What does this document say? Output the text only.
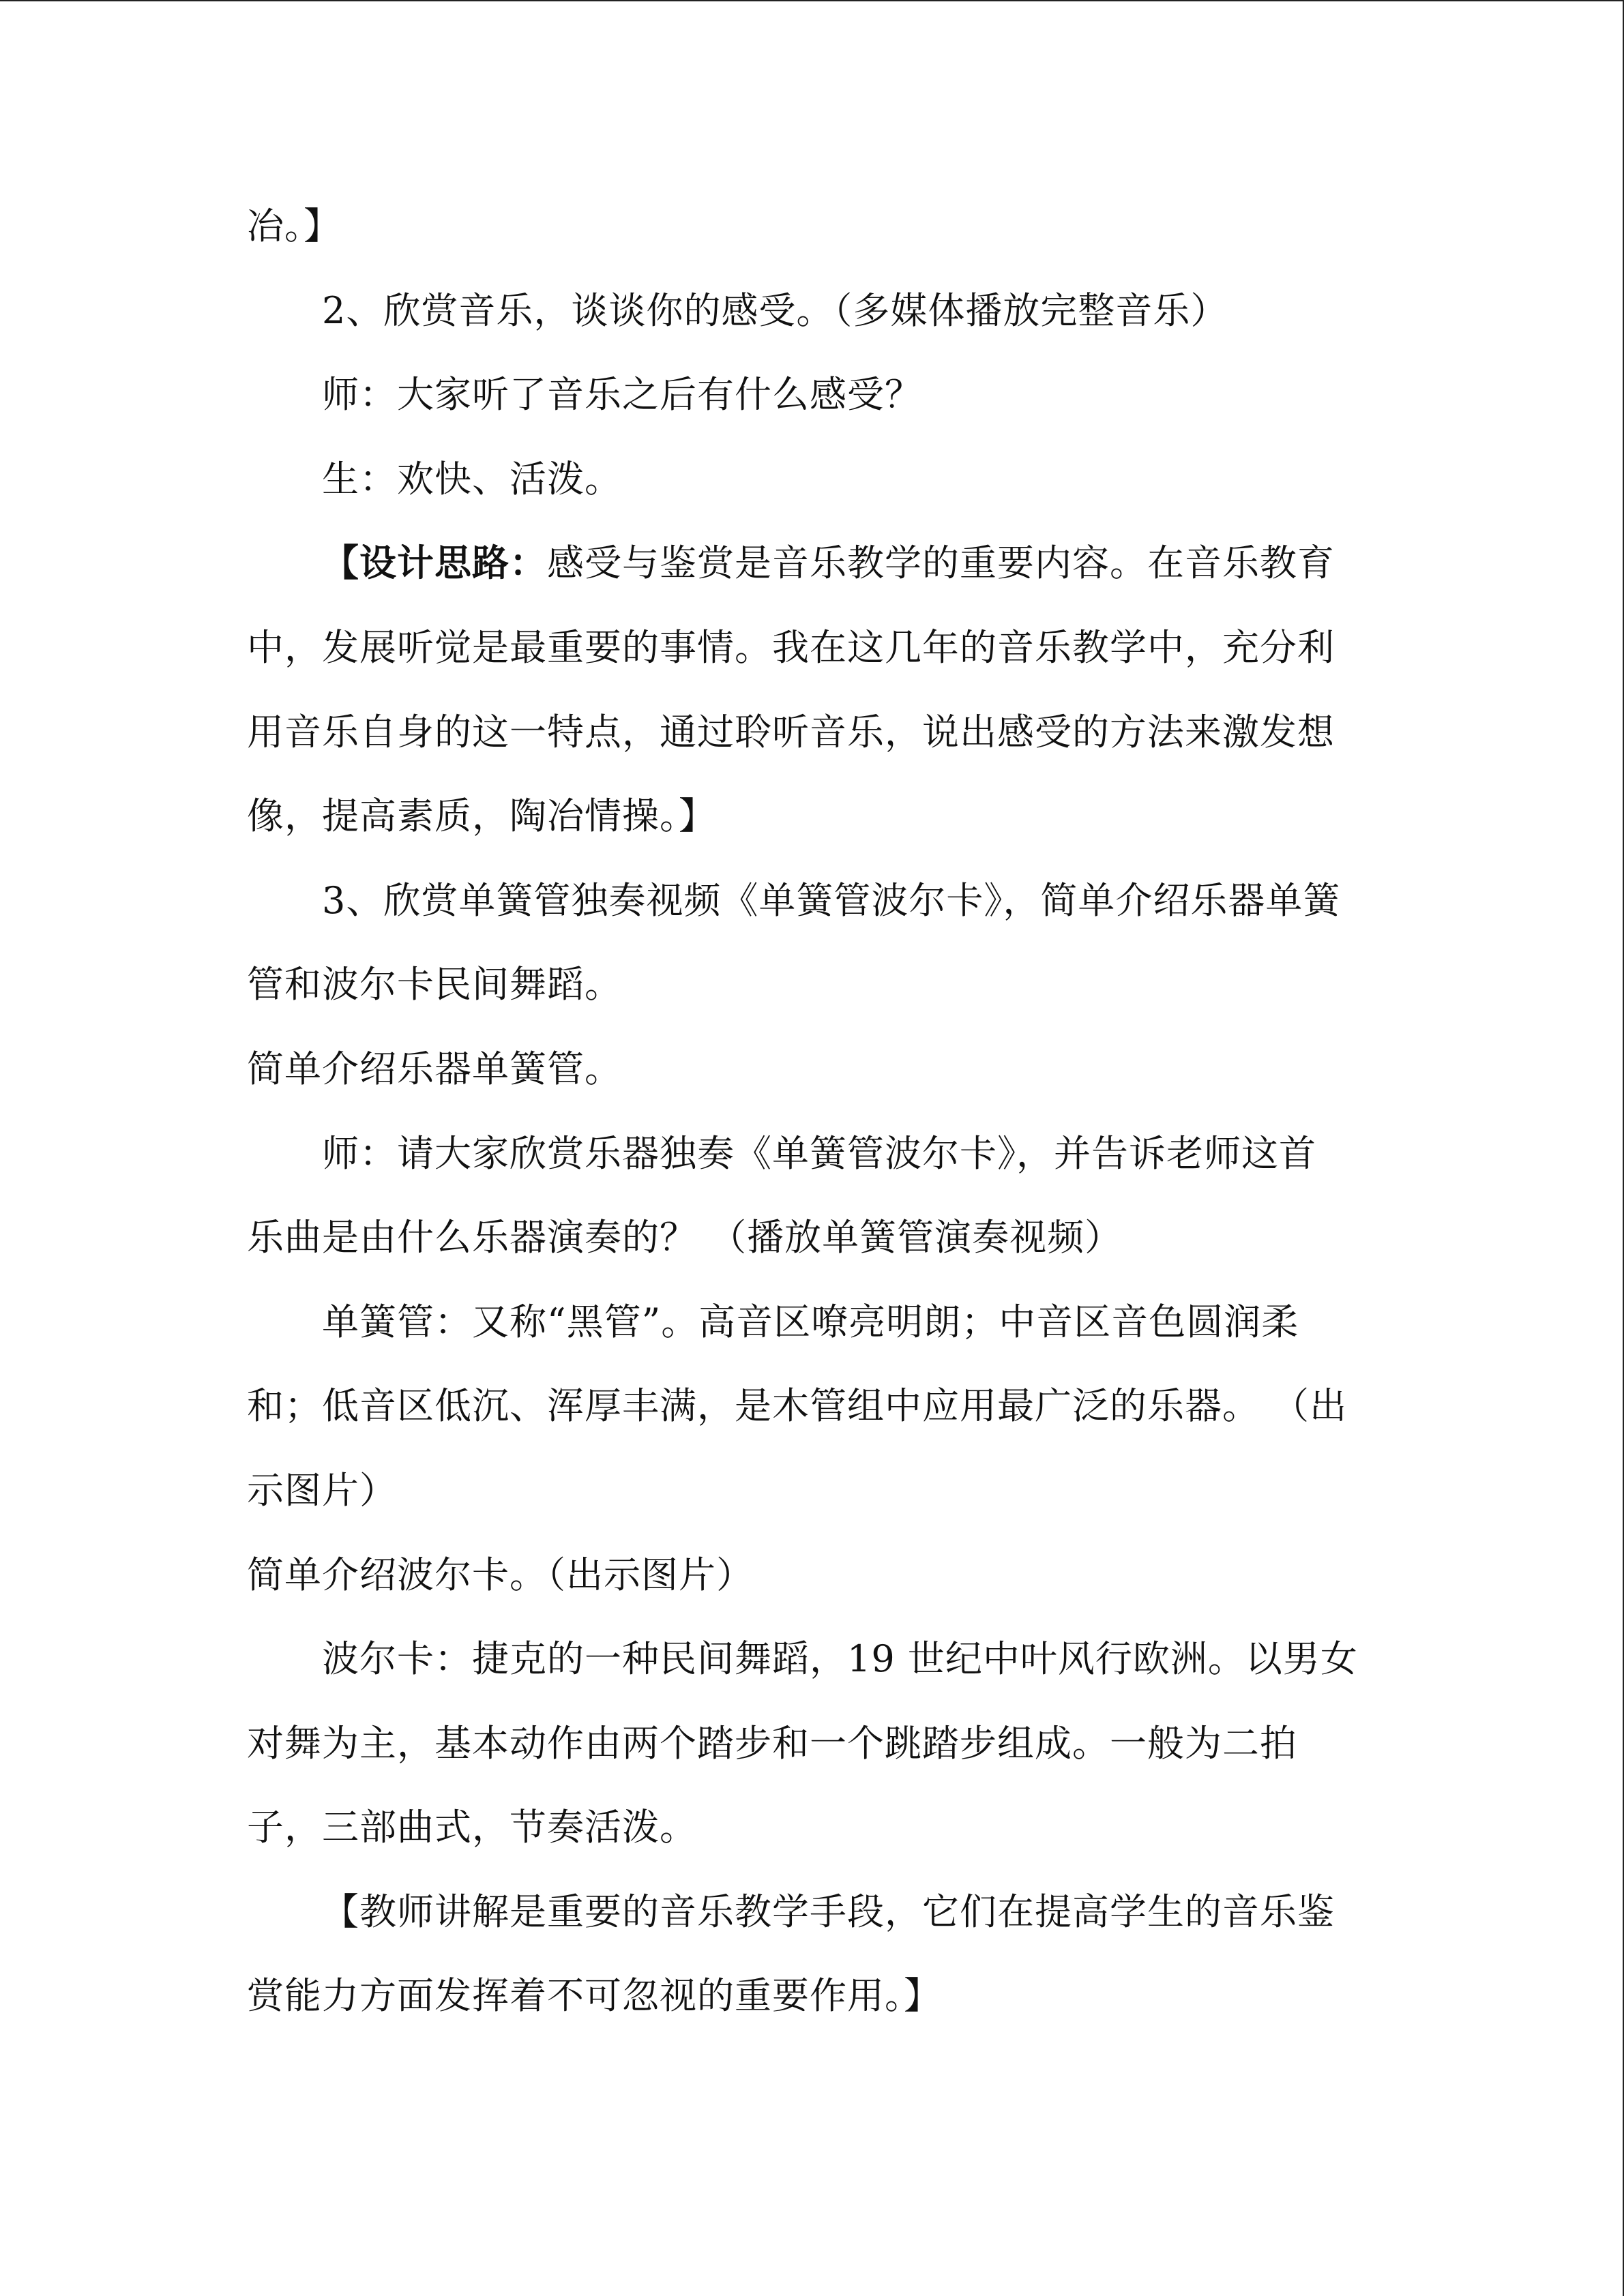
冶。】
2、欣赏音乐，谈谈你的感受。（多媒体播放完整音乐）
师：大家听了音乐之后有什么感受？
生：欢快、活泼。
【设计思路：感受与鉴赏是音乐教学的重要内容。在音乐教育
中，发展听觉是最重要的事情。我在这几年的音乐教学中，充分利
用音乐自身的这一特点，通过聆听音乐，说出感受的方法来激发想
像，提高素质，陶冶情操。】
3、欣赏单簧管独奏视频《单簧管波尔卡》，简单介绍乐器单簧
管和波尔卡民间舞蹈。
简单介绍乐器单簧管。
师：请大家欣赏乐器独奏《单簧管波尔卡》，并告诉老师这首
乐曲是由什么乐器演奏的？ （播放单簧管演奏视频）
单簧管：又称“黑管”。高音区嘹亮明朗；中音区音色圆润柔
和；低音区低沉、浑厚丰满，是木管组中应用最广泛的乐器。 （出
示图片）
简单介绍波尔卡。（出示图片）
波尔卡：捷克的一种民间舞蹈，19 世纪中叶风行欧洲。以男女
对舞为主，基本动作由两个踏步和一个跳踏步组成。一般为二拍
子，三部曲式，节奏活泼。
【教师讲解是重要的音乐教学手段，它们在提高学生的音乐鉴
赏能力方面发挥着不可忽视的重要作用。】
